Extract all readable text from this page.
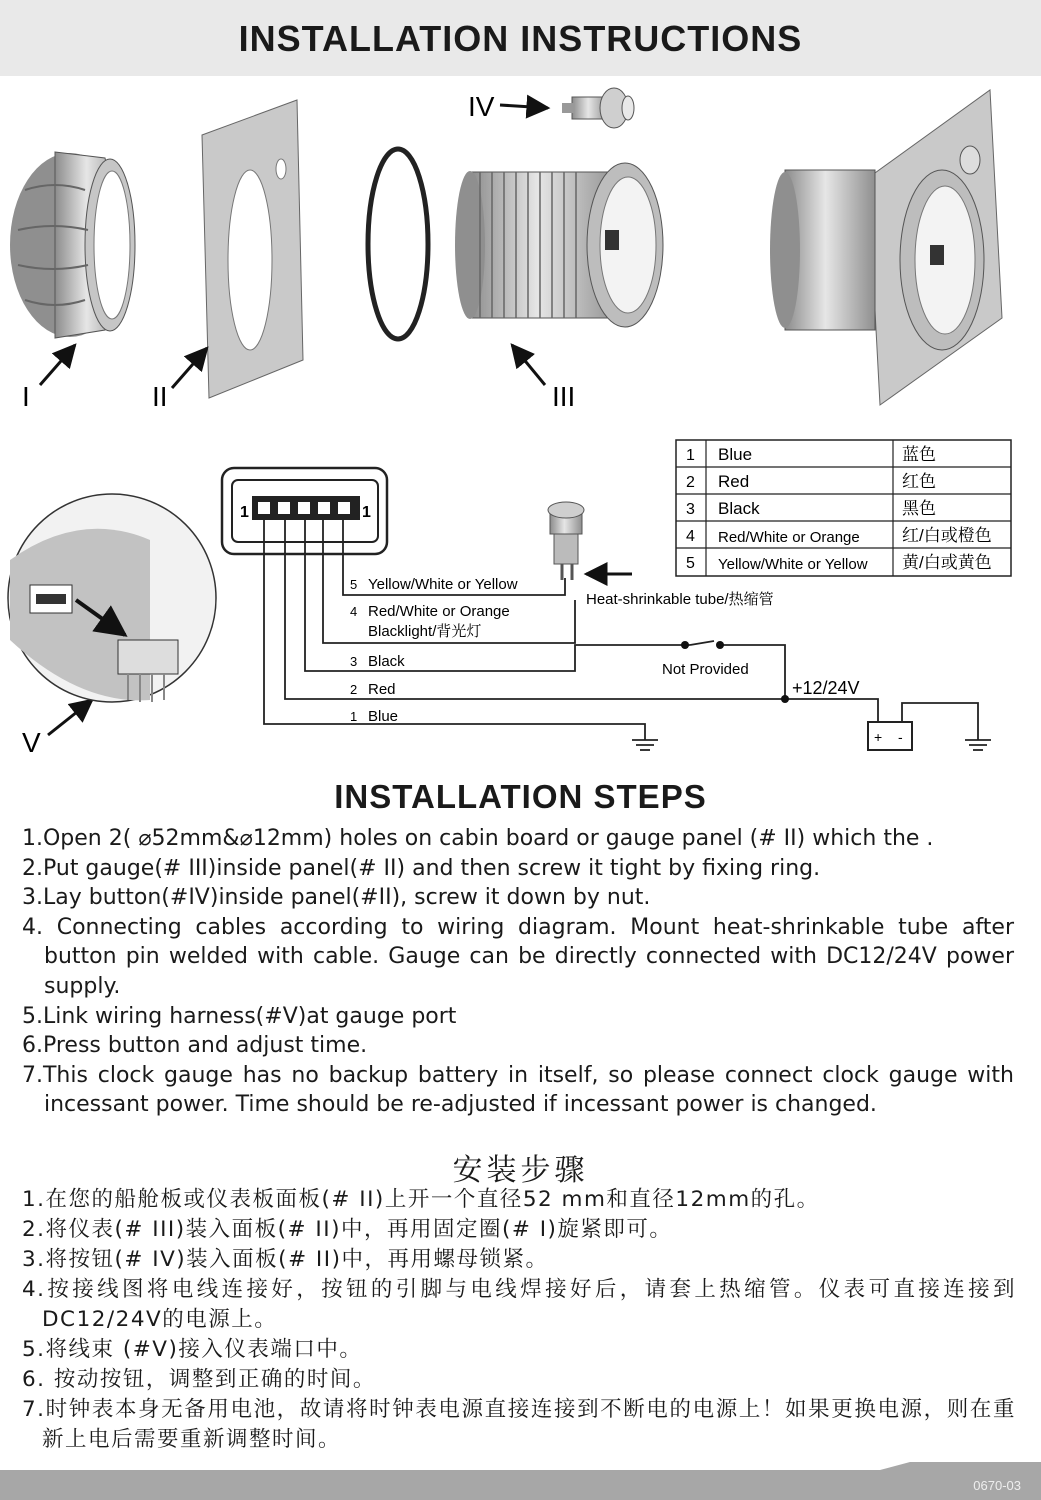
INSTALLATION INSTRUCTIONS
I	II	III
IV
V
1	1
+ -
5 Yellow/White or Yellow
4 Red/White or Orange
Blacklight/背光灯
3 Black
2 Red
1 Blue
Heat-shrinkable tube/热缩管
Not Provided
+12/24V
1 Blue	蓝色
2 Red	红色
3 Black	黑色
4 Red/White or Orange 红/白或橙色
5 Yellow/White or Yellow 黄/白或黄色
INSTALLATION STEPS
1.Open 2( ⌀52mm&⌀12mm) holes on cabin board or gauge panel (# II) which the .
2.Put gauge(# III)inside panel(# II) and then screw it tight by fixing ring.
3.Lay button(#IV)inside panel(#II), screw it down by nut.
4. Connecting cables according to wiring diagram. Mount heat-shrinkable tube after button pin welded with cable. Gauge can be directly connected with DC12/24V power supply.
5.Link wiring harness(#V)at gauge port
6.Press button and adjust time.
7.This clock gauge has no backup battery in itself, so please connect clock gauge with incessant power. Time should be re-adjusted if incessant power is changed.
安装步骤
1.在您的船舱板或仪表板面板(# II)上开一个直径52 mm和直径12mm的孔。
2.将仪表(# III)装入面板(# II)中，再用固定圈(# I)旋紧即可。
3.将按钮(# IV)装入面板(# II)中，再用螺母锁紧。
4.按接线图将电线连接好，按钮的引脚与电线焊接好后，请套上热缩管。仪表可直接连接到DC12/24V的电源上。
5.将线束 (#V)接入仪表端口中。
6. 按动按钮，调整到正确的时间。
7.时钟表本身无备用电池，故请将时钟表电源直接连接到不断电的电源上！如果更换电源，则在重新上电后需要重新调整时间。
0670-03
